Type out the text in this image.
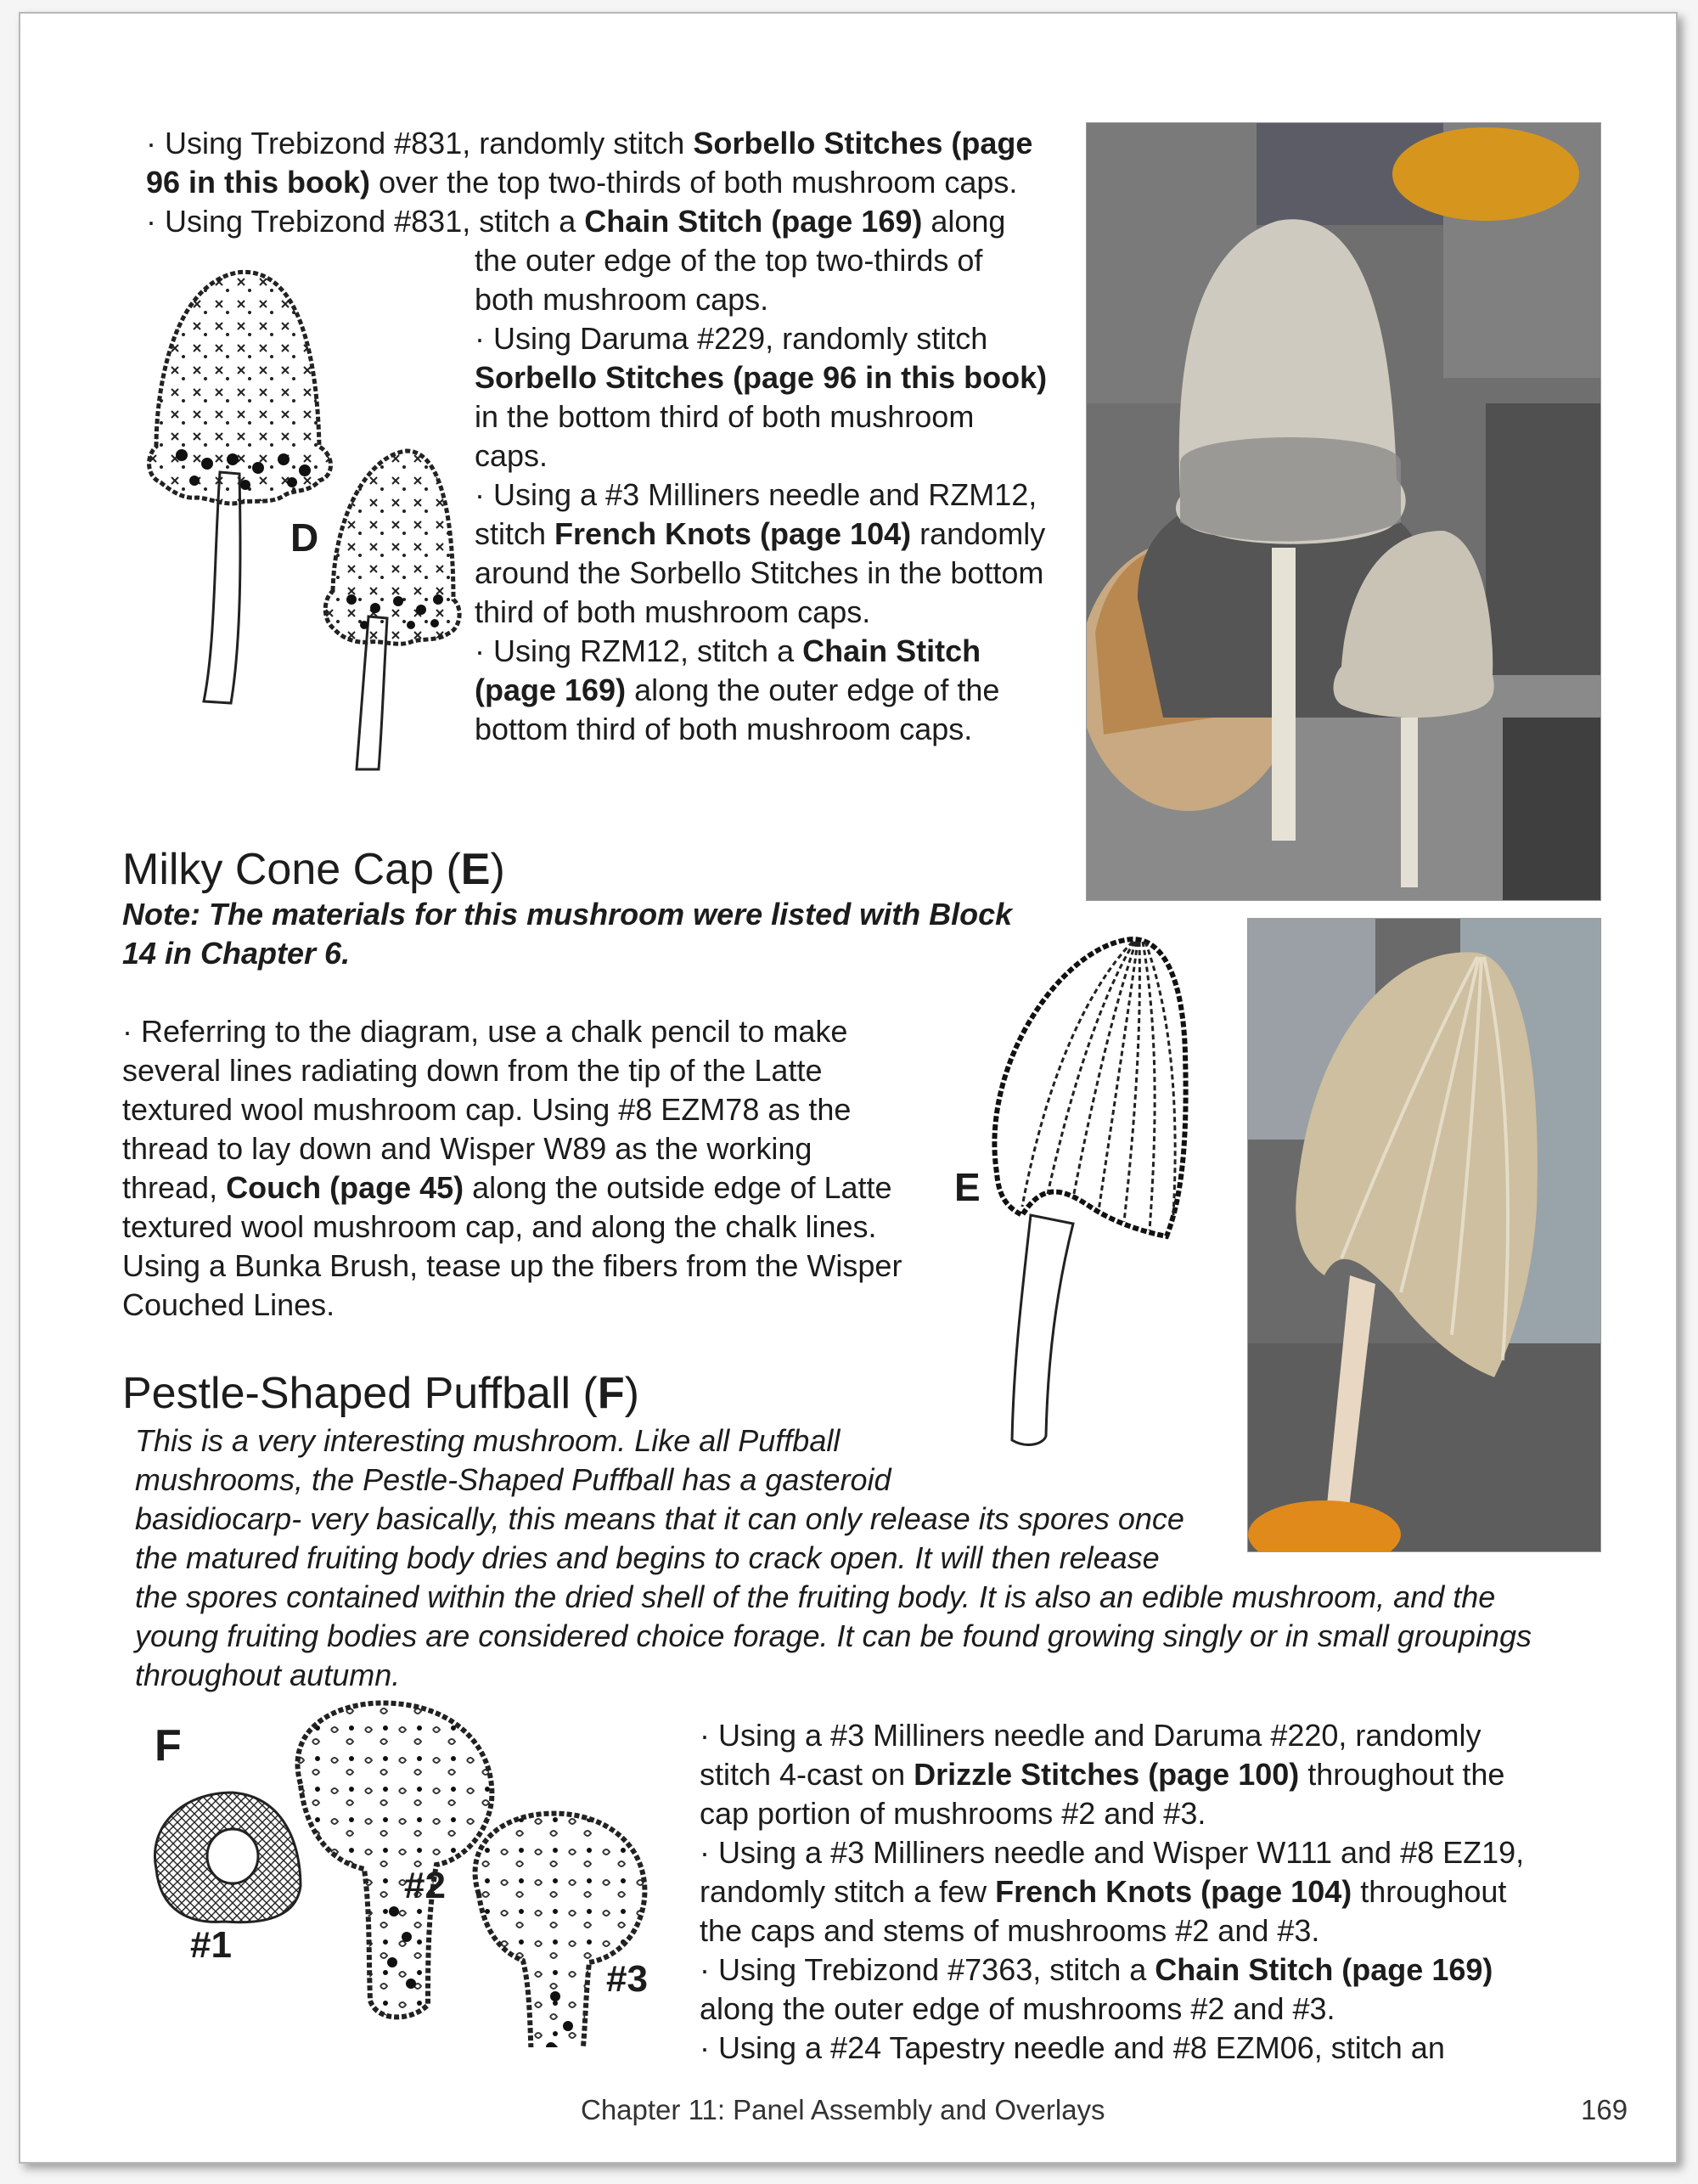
· Using Trebizond #831, randomly stitch Sorbello Stitches (page

96 in this book) over the top two-thirds of both mushroom caps.

· Using Trebizond #831, stitch a Chain Stitch (page 169) along

the outer edge of the top two-thirds of

both mushroom caps.

· Using Daruma #229, randomly stitch

Sorbello Stitches (page 96 in this book)

in the bottom third of both mushroom

caps.

· Using a #3 Milliners needle and RZM12,

stitch French Knots (page 104) randomly

around the Sorbello Stitches in the bottom

third of both mushroom caps.

· Using RZM12, stitch a Chain Stitch

(page 169) along the outer edge of the

bottom third of both mushroom caps.

D
Milky Cone Cap (E)

Note: The materials for this mushroom were listed with Block

14 in Chapter 6.

· Referring to the diagram, use a chalk pencil to make

several lines radiating down from the tip of the Latte

textured wool mushroom cap. Using #8 EZM78 as the

thread to lay down and Wisper W89 as the working

thread, Couch (page 45) along the outside edge of Latte

textured wool mushroom cap, and along the chalk lines.

Using a Bunka Brush, tease up the fibers from the Wisper

Couched Lines.

E
Pestle-Shaped Puffball (F)

This is a very interesting mushroom. Like all Puffball

mushrooms, the Pestle-Shaped Puffball has a gasteroid

basidiocarp- very basically, this means that it can only release its spores once

the matured fruiting body dries and begins to crack open. It will then release

the spores contained within the dried shell of the fruiting body. It is also an edible mushroom, and the

young fruiting bodies are considered choice forage. It can be found growing singly or in small groupings

throughout autumn.

F
#1
#2
#3

· Using a #3 Milliners needle and Daruma #220, randomly

stitch 4-cast on Drizzle Stitches (page 100) throughout the

cap portion of mushrooms #2 and #3.

· Using a #3 Milliners needle and Wisper W111 and #8 EZ19,

randomly stitch a few French Knots (page 104) throughout

the caps and stems of mushrooms #2 and #3.

· Using Trebizond #7363, stitch a Chain Stitch (page 169)

along the outer edge of mushrooms #2 and #3.

· Using a #24 Tapestry needle and #8 EZM06, stitch an

Chapter 11: Panel Assembly and Overlays	169
